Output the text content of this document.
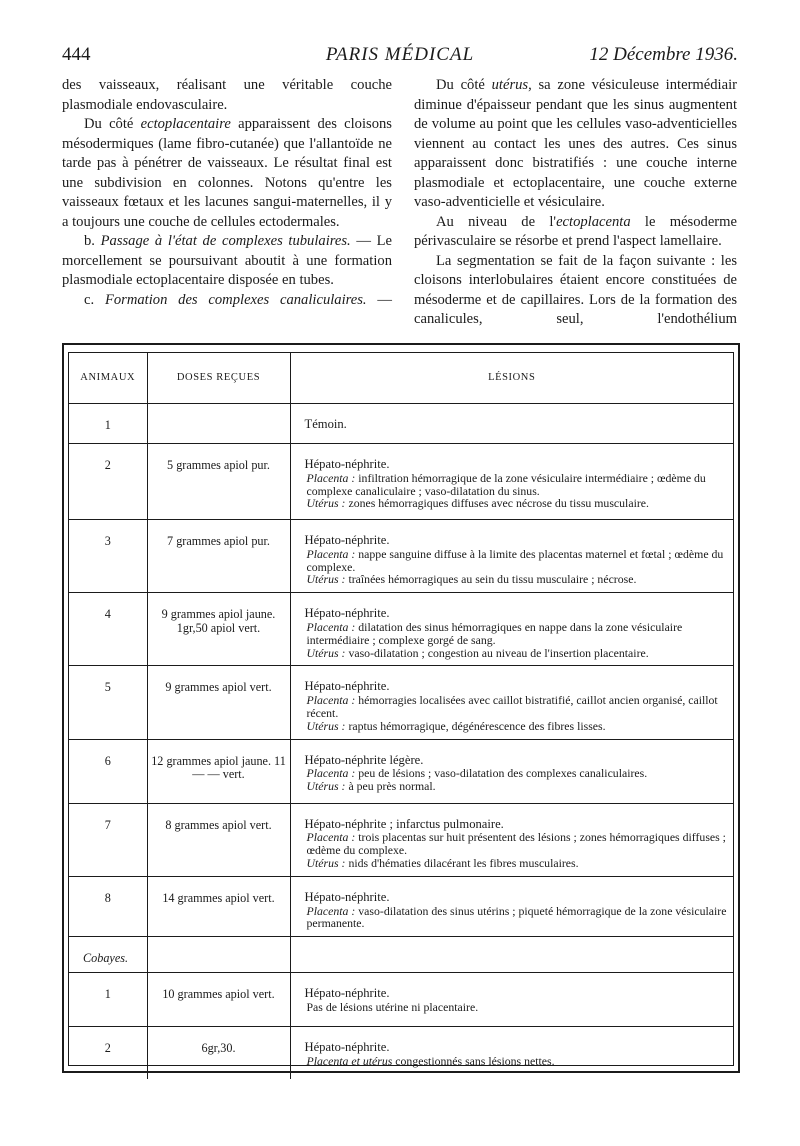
444	PARIS MÉDICAL	12 Décembre 1936.

des vaisseaux, réalisant une véritable couche plasmodiale endovasculaire.

Du côté ectoplacentaire apparaissent des cloisons mésodermiques (lame fibro-cutanée) que l'allantoïde ne tarde pas à pénétrer de vaisseaux. Le résultat final est une subdivision en colonnes. Notons qu'entre les vaisseaux fœtaux et les lacunes sangui-maternelles, il y a toujours une couche de cellules ectodermales.

b. Passage à l'état de complexes tubulaires. — Le morcellement se poursuivant aboutit à une formation plasmodiale ectoplacentaire disposée en tubes.

c. Formation des complexes canaliculaires. —

Du côté utérus, sa zone vésiculeuse intermédiair diminue d'épaisseur pendant que les sinus augmentent de volume au point que les cellules vaso-adventicielles viennent au contact les unes des autres. Ces sinus apparaissent donc bistratifiés : une couche interne plasmodiale et ectoplacentaire, une couche externe vaso-adventicielle et vésiculaire.

Au niveau de l'ectoplacenta le mésoderme périvasculaire se résorbe et prend l'aspect lamellaire.

La segmentation se fait de la façon suivante : les cloisons interlobulaires étaient encore constituées de mésoderme et de capillaires. Lors de la formation des canalicules, seul, l'endothélium

ANIMAUX	DOSES REÇUES	LÉSIONS
1		Témoin.

2	5 grammes apiol pur.	Hépato-néphrite.
Placenta : infiltration hémorragique de la zone vésiculaire intermédiaire ; œdème du complexe canaliculaire ; vaso-dilatation du sinus.
Utérus : zones hémorragiques diffuses avec nécrose du tissu musculaire.

3	7 grammes apiol pur.	Hépato-néphrite.
Placenta : nappe sanguine diffuse à la limite des placentas maternel et fœtal ; œdème du complexe.
Utérus : traînées hémorragiques au sein du tissu musculaire ; nécrose.

4	9 grammes apiol jaune. 1gr,50 apiol vert.	Hépato-néphrite.
Placenta : dilatation des sinus hémorragiques en nappe dans la zone vésiculaire intermédiaire ; complexe gorgé de sang.
Utérus : vaso-dilatation ; congestion au niveau de l'insertion placentaire.

5	9 grammes apiol vert.	Hépato-néphrite.
Placenta : hémorragies localisées avec caillot bistratifié, caillot ancien organisé, caillot récent.
Utérus : raptus hémorragique, dégénérescence des fibres lisses.

6	12 grammes apiol jaune. 11 — — vert.	Hépato-néphrite légère.
Placenta : peu de lésions ; vaso-dilatation des complexes canaliculaires.
Utérus : à peu près normal.

7	8 grammes apiol vert.	Hépato-néphrite ; infarctus pulmonaire.
Placenta : trois placentas sur huit présentent des lésions ; zones hémorragiques diffuses ; œdème du complexe.
Utérus : nids d'hématies dilacérant les fibres musculaires.

8	14 grammes apiol vert.	Hépato-néphrite.
Placenta : vaso-dilatation des sinus utérins ; piqueté hémorragique de la zone vésiculaire permanente.

Cobayes.		
1	10 grammes apiol vert.	Hépato-néphrite.
Pas de lésions utérine ni placentaire.

2	6gr,30.	Hépato-néphrite.
Placenta et utérus congestionnés sans lésions nettes.
